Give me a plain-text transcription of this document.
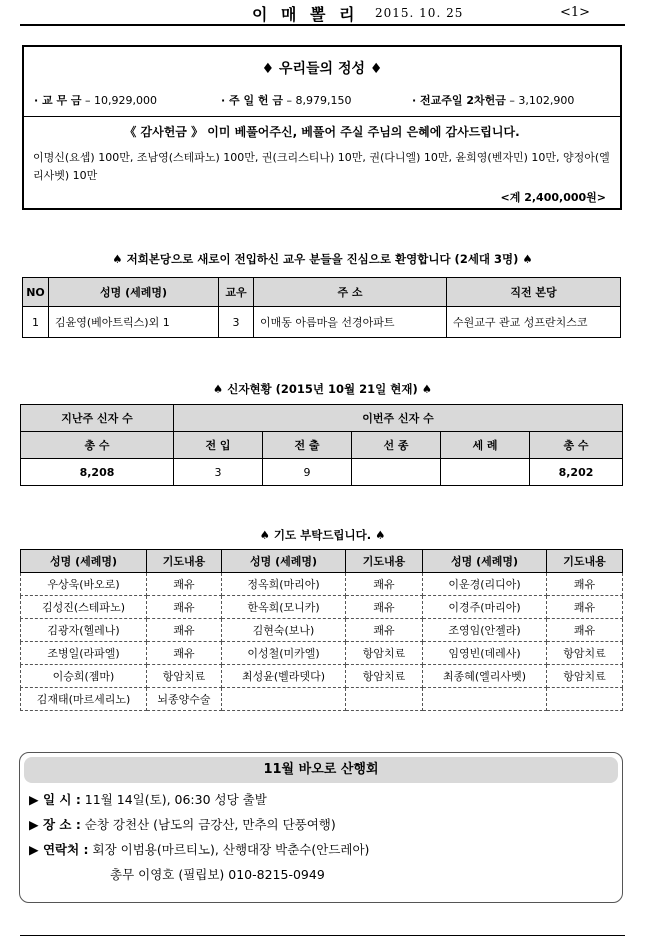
이 매 뽈 리 2015. 10. 25	<1>
♦ 우리들의 정성 ♦
· 교 무 금 – 10,929,000	· 주 일 헌 금 – 8,979,150	· 전교주일 2차헌금 – 3,102,900
《 감사헌금 》 이미 베풀어주신, 베풀어 주실 주님의 은혜에 감사드립니다.
이명신(요셉) 100만, 조남영(스테파노) 100만, 권(크리스티나) 10만, 권(다니엘) 10만, 윤희영(벤자민) 10만, 양정아(엘리사벳) 10만
<계 2,400,000원>
♠ 저희본당으로 새로이 전입하신 교우 분들을 진심으로 환영합니다 (2세대 3명) ♠
NO	성명 (세례명)	교우	주 소	직전 본당
1	김윤영(베아트릭스)외 1	3	이매동 아름마을 선경아파트	수원교구 관교 성프란치스코
♠ 신자현황 (2015년 10월 21일 현재) ♠
지난주 신자 수	이번주 신자 수				
총 수	전 입	전 출	선 종	세 례	총 수
8,208	3	9			8,202
♠ 기도 부탁드립니다. ♠
성명 (세례명)	기도내용	성명 (세례명)	기도내용	성명 (세례명)	기도내용
우상욱(바오로)	쾌유	정옥희(마리아)	쾌유	이운경(리디아)	쾌유
김성진(스테파노)	쾌유	한옥희(모니카)	쾌유	이경주(마리아)	쾌유
김광자(헬레나)	쾌유	김현숙(보나)	쾌유	조영임(안젤라)	쾌유
조병일(라파엘)	쾌유	이성철(미카엘)	항암치료	임영빈(데레사)	항암치료
이승희(젬마)	항암치료	최성윤(벨라뎃다)	항암치료	최종혜(엘리사벳)	항암치료
김재태(마르세리노)	뇌종양수술				
11월 바오로 산행회
▶ 일 시 : 11월 14일(토), 06:30 성당 출발
▶ 장 소 : 순창 강천산 (남도의 금강산, 만추의 단풍여행)
▶ 연락처 : 회장 이범용(마르티노), 산행대장 박춘수(안드레아)
총무 이영호 (필립보) 010-8215-0949
